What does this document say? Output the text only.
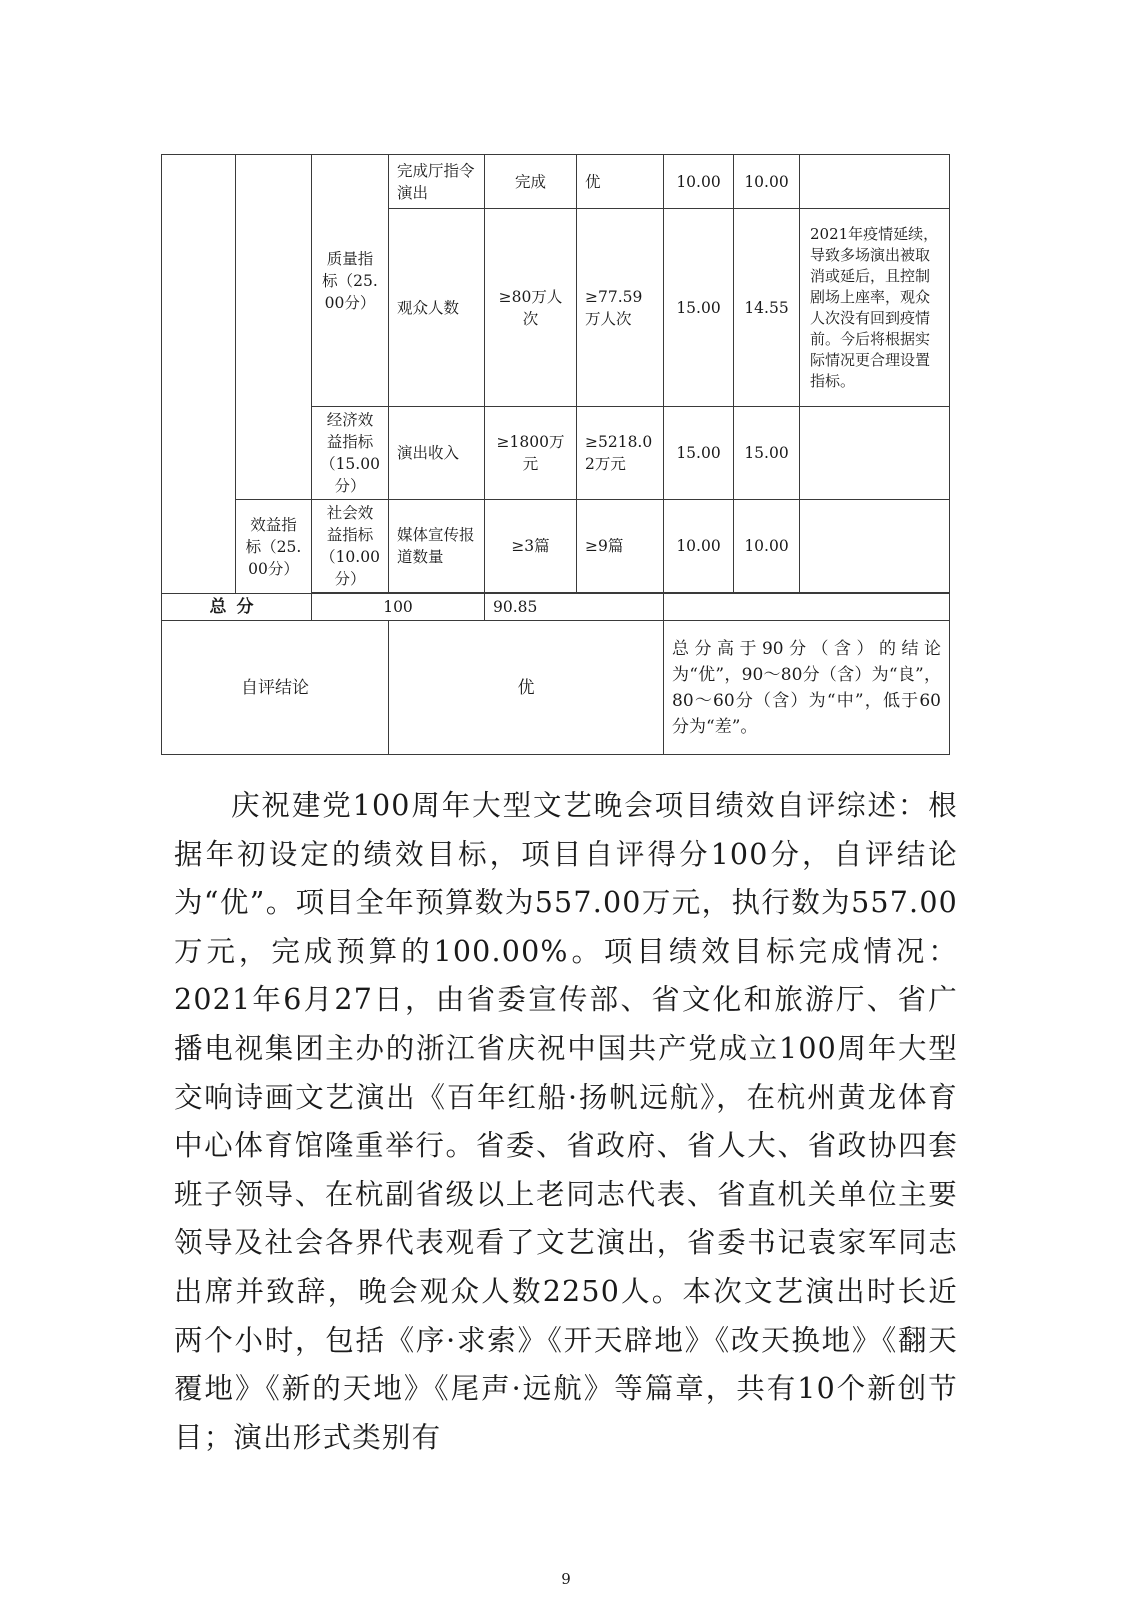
		质量指标（25.00分）	完成厅指令演出	完成	优	10.00	10.00	
			观众人数	≥80万人次	≥77.59万人次	15.00	14.55	2021年疫情延续，导致多场演出被取消或延后，且控制剧场上座率，观众人次没有回到疫情前。今后将根据实际情况更合理设置指标。
		经济效益指标（15.00分）	演出收入	≥1800万元	≥5218.02万元	15.00	15.00	
	效益指标（25.00分）	社会效益指标（10.00分）	媒体宣传报道数量	≥3篇	≥9篇	10.00	10.00	

总分		100		90.85				
自评结论			优			总分高于90分（含）的结论为“优”，90～80分（含）为“良”，80～60分（含）为“中”，低于60分为“差”。		

庆祝建党100周年大型文艺晚会项目绩效自评综述：根据年初设定的绩效目标，项目自评得分100分，自评结论为“优”。项目全年预算数为557.00万元，执行数为557.00万元，完成预算的100.00%。项目绩效目标完成情况：2021年6月27日，由省委宣传部、省文化和旅游厅、省广播电视集团主办的浙江省庆祝中国共产党成立100周年大型交响诗画文艺演出《百年红船·扬帆远航》，在杭州黄龙体育中心体育馆隆重举行。省委、省政府、省人大、省政协四套班子领导、在杭副省级以上老同志代表、省直机关单位主要领导及社会各界代表观看了文艺演出，省委书记袁家军同志出席并致辞，晚会观众人数2250人。本次文艺演出时长近两个小时，包括《序·求索》《开天辟地》《改天换地》《翻天覆地》《新的天地》《尾声·远航》等篇章，共有10个新创节目；演出形式类别有

9
